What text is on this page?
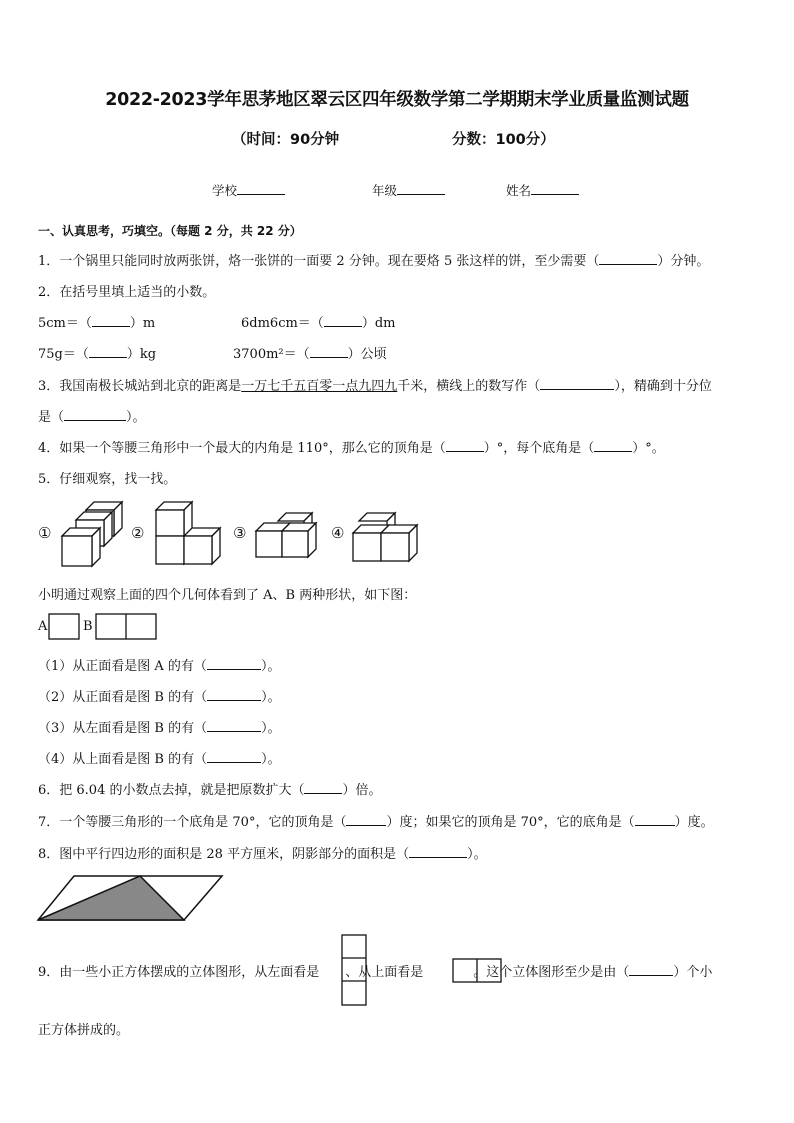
2022-2023学年思茅地区翠云区四年级数学第二学期期末学业质量监测试题
（时间：90分钟	分数：100分）
学校	年级	姓名
一、认真思考，巧填空。（每题 2 分，共 22 分）
1．一个锅里只能同时放两张饼，烙一张饼的一面要 2 分钟。现在要烙 5 张这样的饼，至少需要（	）分钟。
2．在括号里填上适当的小数。
5cm＝（	）m	6dm6cm＝（	）dm
75g＝（	）kg	3700m²＝（	）公顷
3．我国南极长城站到北京的距离是一万七千五百零一点九四九千米，横线上的数写作（	），精确到十分位
是（	）。
4．如果一个等腰三角形中一个最大的内角是 110°，那么它的顶角是（	）°，每个底角是（	）°。
5．仔细观察，找一找。
①	②	③	④
小明通过观察上面的四个几何体看到了 A、B 两种形状，如下图：
A	B
（1）从正面看是图 A 的有（	）。
（2）从正面看是图 B 的有（	）。
（3）从左面看是图 B 的有（	）。
（4）从上面看是图 B 的有（	）。
6．把 6.04 的小数点去掉，就是把原数扩大（	）倍。
7．一个等腰三角形的一个底角是 70°，它的顶角是（	）度；如果它的顶角是 70°，它的底角是（	）度。
8．图中平行四边形的面积是 28 平方厘米，阴影部分的面积是（	）。
9．由一些小正方体摆成的立体图形，从左面看是 、从上面看是	。这个立体图形至少是由（	）个小
正方体拼成的。
